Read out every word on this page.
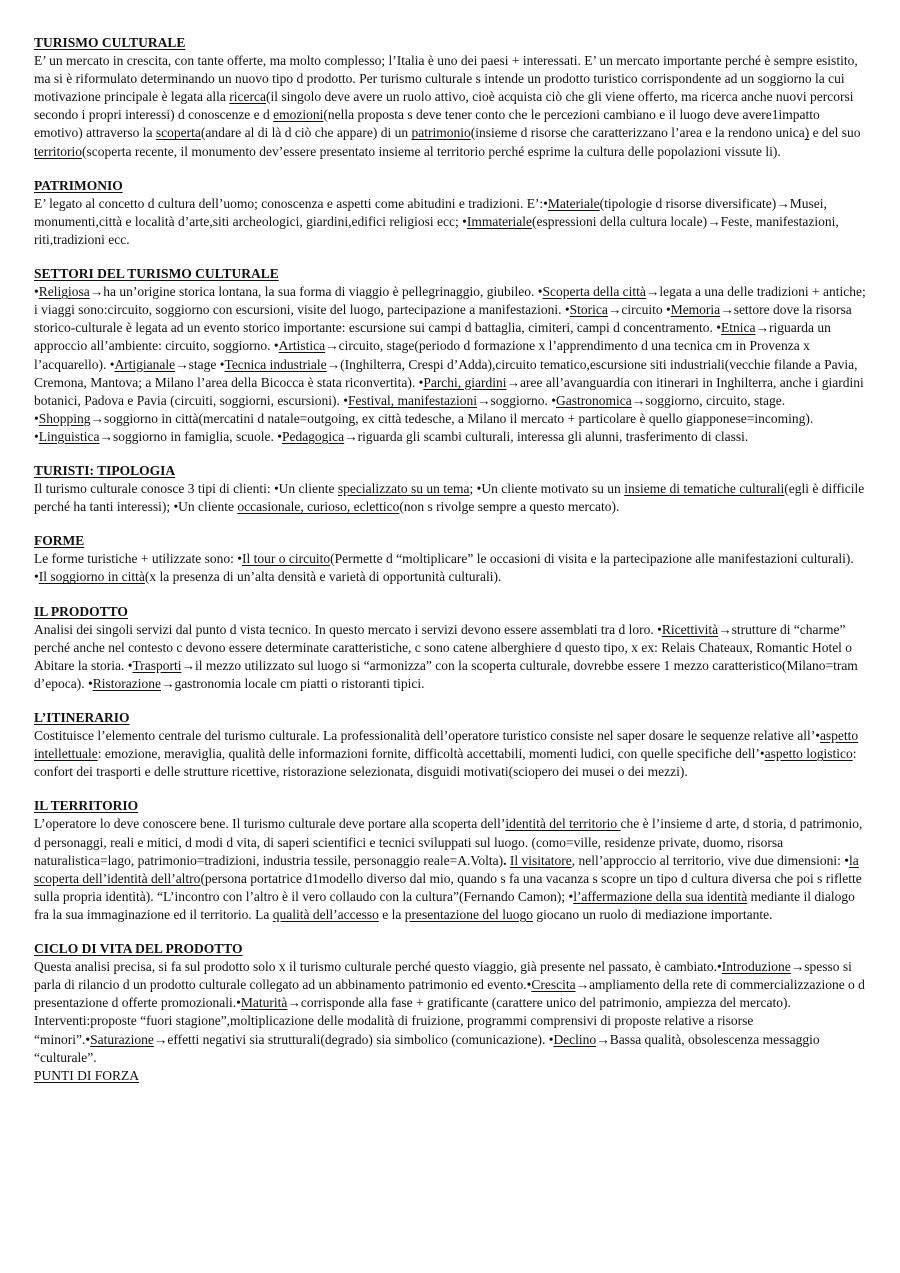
TURISMO CULTURALE

E’ un mercato in crescita, con tante offerte, ma molto complesso; l’Italia è uno dei paesi + interessati. E’ un mercato importante perché è sempre esistito, ma si è riformulato determinando un nuovo tipo d prodotto. Per turismo culturale s intende un prodotto turistico corrispondente ad un soggiorno la cui motivazione principale è legata alla ricerca(il singolo deve avere un ruolo attivo, cioè acquista ciò che gli viene offerto, ma ricerca anche nuovi percorsi secondo i propri interessi) d conoscenze e d emozioni(nella proposta s deve tener conto che le percezioni cambiano e il luogo deve avere1impatto emotivo) attraverso la scoperta(andare al di là d ciò che appare) di un patrimonio(insieme d risorse che caratterizzano l’area e la rendono unica) e del suo territorio(scoperta recente, il monumento dev’essere presentato insieme al territorio perché esprime la cultura delle popolazioni vissute li).

PATRIMONIO

E’ legato al concetto d cultura dell’uomo; conoscenza e aspetti come abitudini e tradizioni. E’:•Materiale(tipologie d risorse diversificate)→Musei, monumenti,città e località d’arte,siti archeologici, giardini,edifici religiosi ecc; •Immateriale(espressioni della cultura locale)→Feste, manifestazioni, riti,tradizioni ecc.

SETTORI DEL TURISMO CULTURALE

•Religiosa→ha un’origine storica lontana, la sua forma di viaggio è pellegrinaggio, giubileo. •Scoperta della città→legata a una delle tradizioni + antiche; i viaggi sono:circuito, soggiorno con escursioni, visite del luogo, partecipazione a manifestazioni. •Storica→circuito •Memoria→settore dove la risorsa storico-culturale è legata ad un evento storico importante: escursione sui campi d battaglia, cimiteri, campi d concentramento. •Etnica→riguarda un approccio all’ambiente: circuito, soggiorno. •Artistica→circuito, stage(periodo d formazione x l’apprendimento d una tecnica cm in Provenza x l’acquarello). •Artigianale→stage •Tecnica industriale→(Inghilterra, Crespi d’Adda),circuito tematico,escursione siti industriali(vecchie filande a Pavia, Cremona, Mantova; a Milano l’area della Bicocca è stata riconvertita). •Parchi, giardini→aree all’avanguardia con itinerari in Inghilterra, anche i giardini botanici, Padova e Pavia (circuiti, soggiorni, escursioni). •Festival, manifestazioni→soggiorno. •Gastronomica→soggiorno, circuito, stage. •Shopping→soggiorno in città(mercatini d natale=outgoing, ex città tedesche, a Milano il mercato + particolare è quello giapponese=incoming). •Linguistica→soggiorno in famiglia, scuole. •Pedagogica→riguarda gli scambi culturali, interessa gli alunni, trasferimento di classi.

TURISTI: TIPOLOGIA

Il turismo culturale conosce 3 tipi di clienti: •Un cliente specializzato su un tema; •Un cliente motivato su un insieme di tematiche culturali(egli è difficile perché ha tanti interessi); •Un cliente occasionale, curioso, eclettico(non s rivolge sempre a questo mercato).

FORME

Le forme turistiche + utilizzate sono: •Il tour o circuito(Permette d “moltiplicare” le occasioni di visita e la partecipazione alle manifestazioni culturali). •Il soggiorno in città(x la presenza di un’alta densità e varietà di opportunità culturali).

IL PRODOTTO

Analisi dei singoli servizi dal punto d vista tecnico. In questo mercato i servizi devono essere assemblati tra d loro. •Ricettività→strutture di “charme” perché anche nel contesto c devono essere determinate caratteristiche, c sono catene alberghiere d questo tipo, x ex: Relais Chateaux, Romantic Hotel o Abitare la storia. •Trasporti→il mezzo utilizzato sul luogo si “armonizza” con la scoperta culturale, dovrebbe essere 1 mezzo caratteristico(Milano=tram d’epoca). •Ristorazione→gastronomia locale cm piatti o ristoranti tipici.

L’ITINERARIO

Costituisce l’elemento centrale del turismo culturale. La professionalità dell’operatore turistico consiste nel saper dosare le sequenze relative all’•aspetto intellettuale: emozione, meraviglia, qualità delle informazioni fornite, difficoltà accettabili, momenti ludici, con quelle specifiche dell’•aspetto logistico: confort dei trasporti e delle strutture ricettive, ristorazione selezionata, disguidi motivati(sciopero dei musei o dei mezzi).

IL TERRITORIO

L’operatore lo deve conoscere bene. Il turismo culturale deve portare alla scoperta dell’identità del territorio che è l’insieme d arte, d storia, d patrimonio, d personaggi, reali e mitici, d modi d vita, di saperi scientifici e tecnici sviluppati sul luogo. (como=ville, residenze private, duomo, risorsa naturalistica=lago, patrimonio=tradizioni, industria tessile, personaggio reale=A.Volta). Il visitatore, nell’approccio al territorio, vive due dimensioni: •la scoperta dell’identità dell’altro(persona portatrice d1modello diverso dal mio, quando s fa una vacanza s scopre un tipo d cultura diversa che poi s riflette sulla propria identità). “L’incontro con l’altro è il vero collaudo con la cultura”(Fernando Camon); •l’affermazione della sua identità mediante il dialogo fra la sua immaginazione ed il territorio. La qualità dell’accesso e la presentazione del luogo giocano un ruolo di mediazione importante.

CICLO DI VITA DEL PRODOTTO

Questa analisi precisa, si fa sul prodotto solo x il turismo culturale perché questo viaggio, già presente nel passato, è cambiato.•Introduzione→spesso si parla di rilancio d un prodotto culturale collegato ad un abbinamento patrimonio ed evento.•Crescita→ampliamento della rete di commercializzazione o d presentazione d offerte promozionali.•Maturità→corrisponde alla fase + gratificante (carattere unico del patrimonio, ampiezza del mercato). Interventi:proposte “fuori stagione”,moltiplicazione delle modalità di fruizione, programmi comprensivi di proposte relative a risorse “minori”.•Saturazione→effetti negativi sia strutturali(degrado) sia simbolico (comunicazione). •Declino→Bassa qualità, obsolescenza messaggio “culturale”.

PUNTI DI FORZA
